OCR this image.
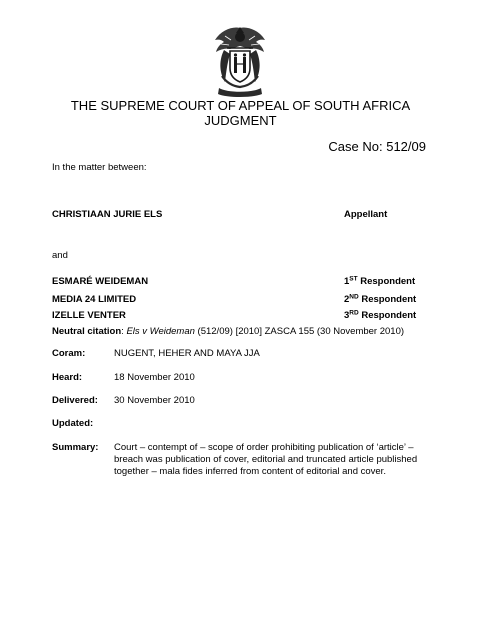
THE SUPREME COURT OF APPEAL OF SOUTH AFRICA
JUDGMENT
Case No: 512/09
In the matter between:
CHRISTIAAN JURIE ELS	Appellant
and
ESMARÉ WEIDEMAN	1ST Respondent
MEDIA 24 LIMITED	2ND Respondent
IZELLE VENTER	3RD Respondent
Neutral citation: Els v Weideman (512/09) [2010] ZASCA 155 (30 November 2010)
Coram:	NUGENT, HEHER AND MAYA JJA
Heard:	18 November 2010
Delivered: 30 November 2010
Updated:
Summary: Court – contempt of – scope of order prohibiting publication of ‘article’ –
breach was publication of cover, editorial and truncated article published
together – mala fides inferred from content of editorial and cover.
